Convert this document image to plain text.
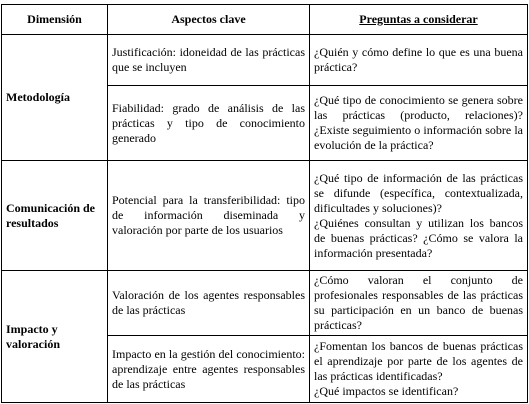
Dimensión	Aspectos clave	Preguntas a considerar
Metodología	Justificación: idoneidad de las prácticas que se incluyen	¿Quién y cómo define lo que es una buena práctica?

	Fiabilidad: grado de análisis de las prácticas y tipo de conocimiento generado	¿Qué tipo de conocimiento se genera sobre las prácticas (producto, relaciones)? ¿Existe seguimiento o información sobre la evolución de la práctica?

Comunicación de resultados	Potencial para la transferibilidad: tipo de información diseminada y valoración por parte de los usuarios	¿Qué tipo de información de las prácticas se difunde (específica, contextualizada, dificultades y soluciones)?
¿Quiénes consultan y utilizan los bancos de buenas prácticas? ¿Cómo se valora la información presentada?

Impacto y valoración	Valoración de los agentes responsables de las prácticas	¿Cómo valoran el conjunto de profesionales responsables de las prácticas su participación en un banco de buenas prácticas?

	Impacto en la gestión del conocimiento: aprendizaje entre agentes responsables de las prácticas	¿Fomentan los bancos de buenas prácticas el aprendizaje por parte de los agentes de las prácticas identificadas?
¿Qué impactos se identifican?
